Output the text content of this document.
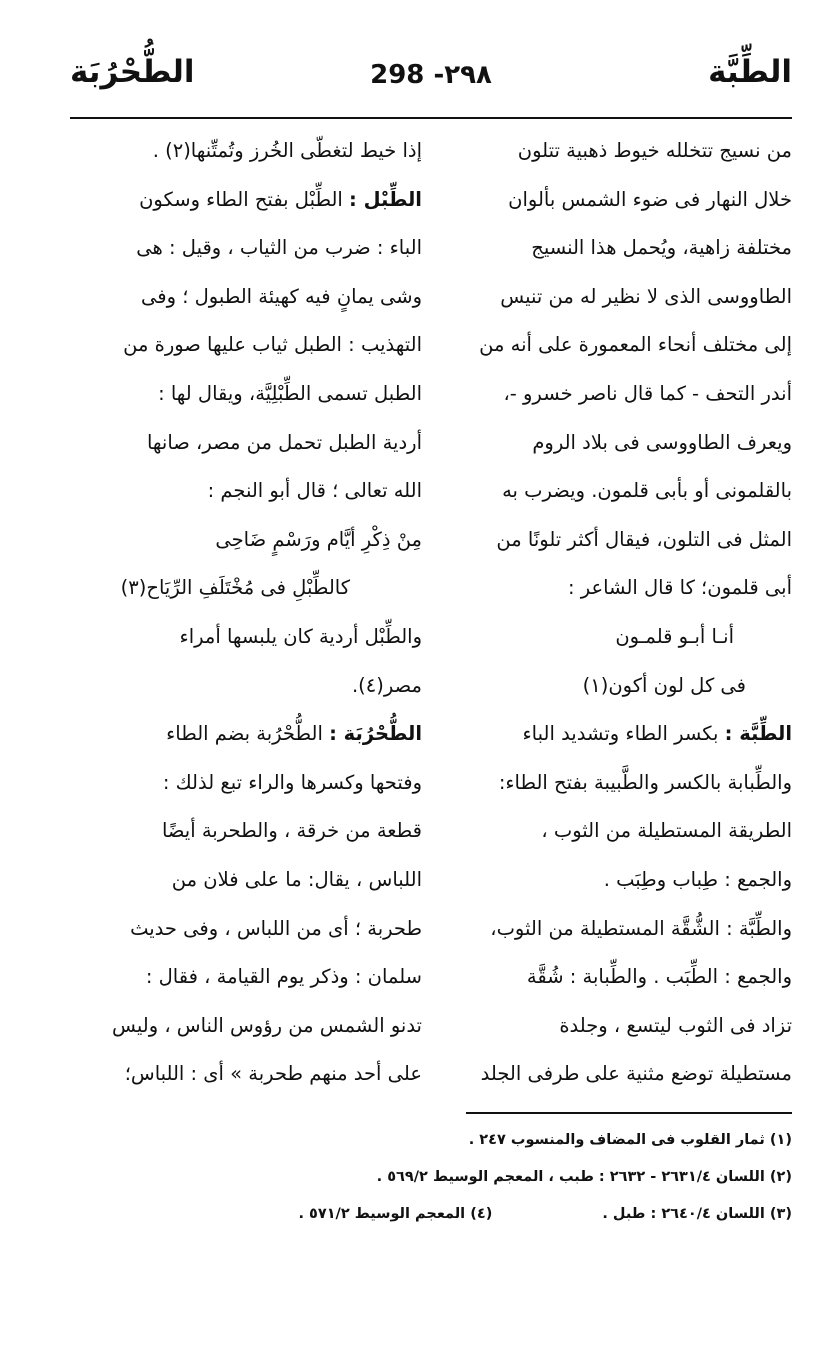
الطِّبَّة
298 -٢٩٨
الطُّحْرُبَة
من نسيج تتخلله خيوط ذهبية تتلون
خلال النهار فى ضوء الشمس بألوان
مختلفة زاهية، ويُحمل هذا النسيج
الطاووسى الذى لا نظير له من تنيس
إلى مختلف أنحاء المعمورة على أنه من
أندر التحف - كما قال ناصر خسرو -،
ويعرف الطاووسى فى بلاد الروم
بالقلمونى أو بأبى قلمون. ويضرب به
المثل فى التلون، فيقال أكثر تلونًا من
أبى قلمون؛ كا قال الشاعر :
أنـا أبـو قلمـون
فى كل لون أكون(١)
الطِّبَّة : بكسر الطاء وتشديد الباء
والطِّبابة بالكسر والطَّبيبة بفتح الطاء:
الطريقة المستطيلة من الثوب ،
والجمع : طِباب وطِبَب .
والطِّبَّة : الشُّقَّة المستطيلة من الثوب،
والجمع : الطِّبَب . والطِّبابة : شُقَّة
تزاد فى الثوب ليتسع ، وجلدة
مستطيلة توضع مثنية على طرفى الجلد
إذا خيط لتغطّى الخُرز وتُمتِّنها(٢) .
الطِّبْل : الطِّبْل بفتح الطاء وسكون
الباء : ضرب من الثياب ، وقيل : هى
وشى يمانٍ فيه كهيئة الطبول ؛ وفى
التهذيب : الطبل ثياب عليها صورة من
الطبل تسمى الطِّبْلِيَّة، ويقال لها :
أردية الطبل تحمل من مصر، صانها
الله تعالى ؛ قال أبو النجم :
مِنْ ذِكْرِ أيَّام ورَسْمٍ ضَاحِى
كالطِّبْلِ فى مُخْتَلَفِ الرِّيَاح(٣)
والطِّبْل أردية كان يلبسها أمراء
مصر(٤).
الطُّحْرُبَة : الطُّحْرُبة بضم الطاء
وفتحها وكسرها والراء تبع لذلك :
قطعة من خرقة ، والطحربة أيضًا
اللباس ، يقال: ما على فلان من
طحربة ؛ أى من اللباس ، وفى حديث
سلمان : وذكر يوم القيامة ، فقال :
تدنو الشمس من رؤوس الناس ، وليس
على أحد منهم طحربة » أى : اللباس؛
(١) ثمار القلوب فى المضاف والمنسوب ٢٤٧ .
(٢) اللسان ٢٦٣١/٤ - ٢٦٣٢ : طبب ، المعجم الوسيط ٥٦٩/٢ .
(٣) اللسان ٢٦٤٠/٤ : طبل .
(٤) المعجم الوسيط ٥٧١/٢ .
